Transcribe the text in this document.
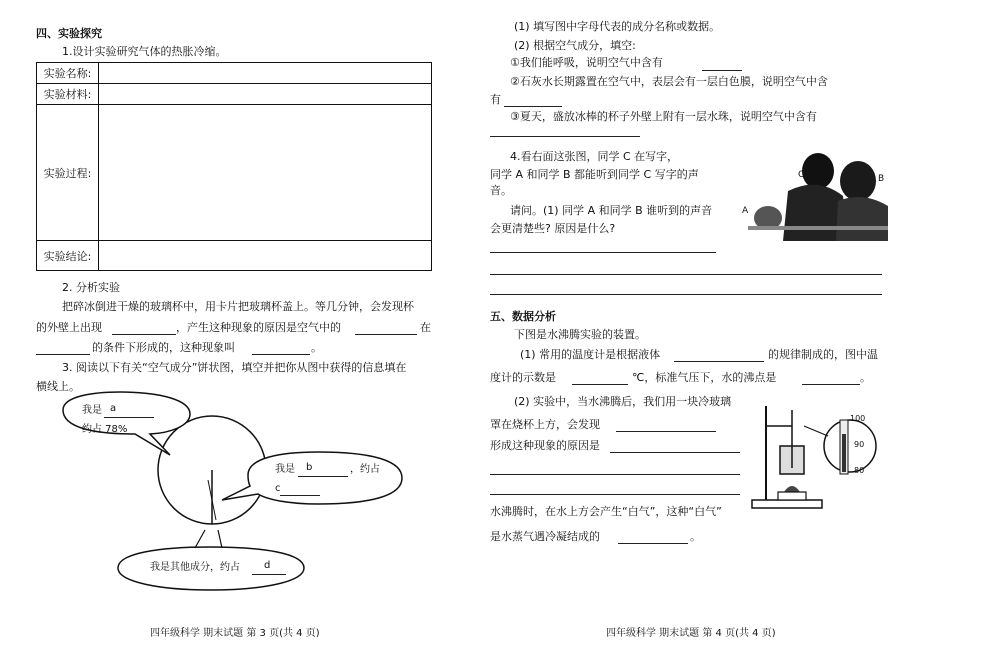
四、实验探究
1.设计实验研究气体的热胀冷缩。
实验名称:	
实验材料:	
实验过程:	
实验结论:	
2. 分析实验
把碎冰倒进干燥的玻璃杯中，用卡片把玻璃杯盖上。等几分钟，会发现杯
的外壁上出现	，产生这种现象的原因是空气中的	在
的条件下形成的，这种现象叫	。
3. 阅读以下有关“空气成分”饼状图，填空并把你从图中获得的信息填在
横线上。
我是 a
约占 78%
我是 b	，约占
c
我是其他成分，约占 d
四年级科学 期末试题 第 3 页(共 4 页)
(1) 填写图中字母代表的成分名称或数据。
(2) 根据空气成分，填空:
①我们能呼吸，说明空气中含有
②石灰水长期露置在空气中，表层会有一层白色膜，说明空气中含
有
③夏天，盛放冰棒的杯子外壁上附有一层水珠，说明空气中含有
4.看右面这张图，同学 C 在写字，
同学 A 和同学 B 都能听到同学 C 写字的声
音。
请问。(1) 同学 A 和同学 B 谁听到的声音
会更清楚些? 原因是什么?
C	B
A
五、数据分析
下图是水沸腾实验的装置。
(1) 常用的温度计是根据液体	的规律制成的，图中温
度计的示数是	℃，标准气压下，水的沸点是	。
(2) 实验中，当水沸腾后，我们用一块冷玻璃
罩在烧杯上方，会发现
形成这种现象的原因是
水沸腾时，在水上方会产生“白气”，这种“白气”
是水蒸气遇冷凝结成的	。
100
90
80
四年级科学 期末试题 第 4 页(共 4 页)
